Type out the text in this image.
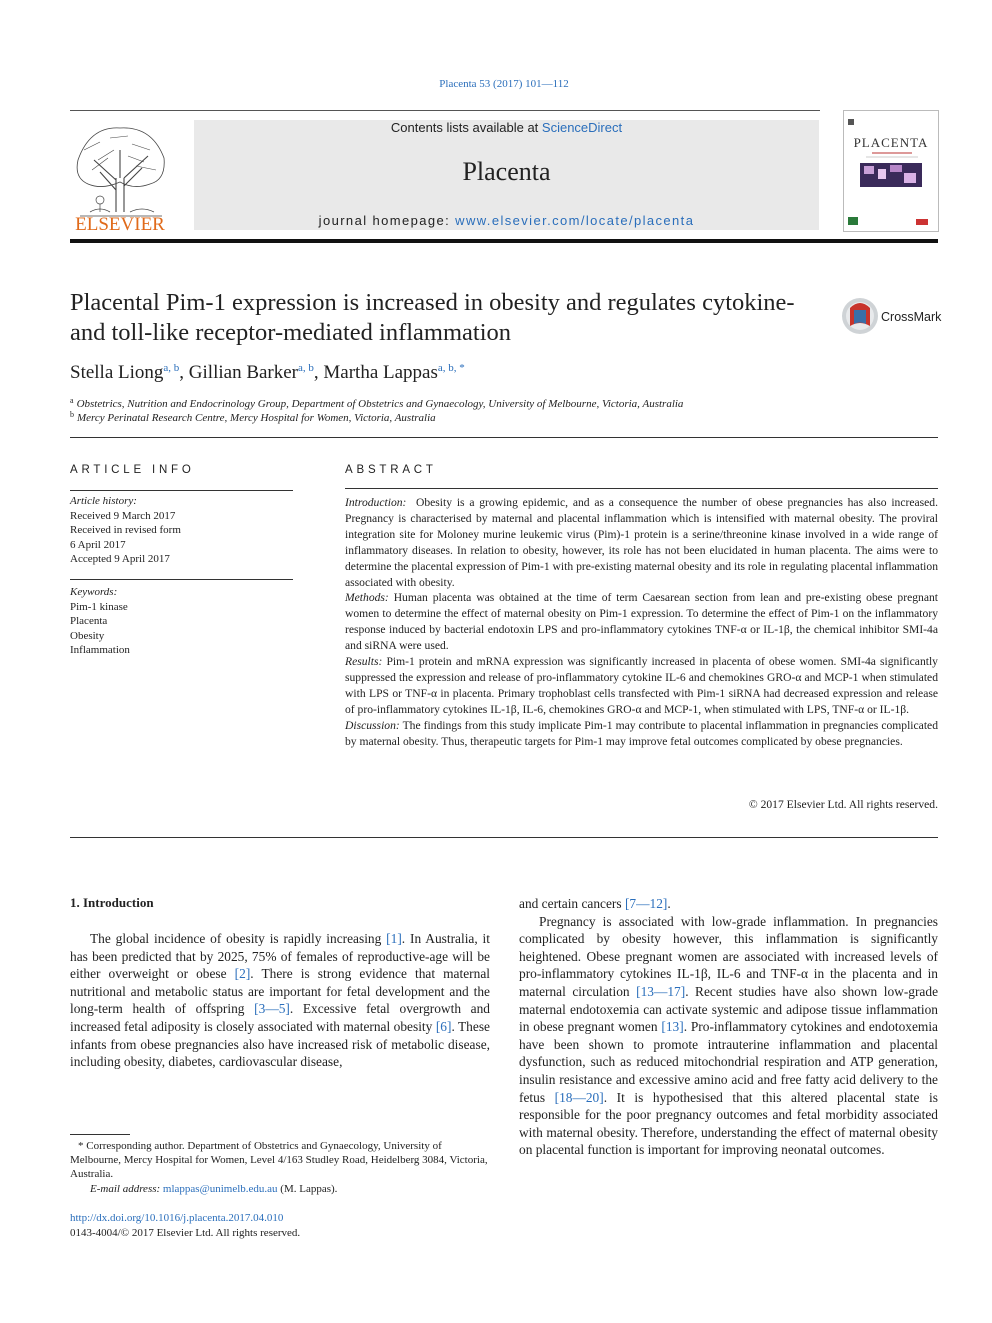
Placenta 53 (2017) 101—112
ELSEVIER
Contents lists available at ScienceDirect
Placenta
journal homepage: www.elsevier.com/locate/placenta
PLACENTA
Placental Pim-1 expression is increased in obesity and regulates cytokine- and toll-like receptor-mediated inflammation
CrossMark
Stella Liong$^{a, b}$, Gillian Barker$^{a, b}$, Martha Lappas$^{a, b, *}$
$^a$ Obstetrics, Nutrition and Endocrinology Group, Department of Obstetrics and Gynaecology, University of Melbourne, Victoria, Australia
$^b$ Mercy Perinatal Research Centre, Mercy Hospital for Women, Victoria, Australia
ARTICLE INFO
Article history:
Received 9 March 2017
Received in revised form
6 April 2017
Accepted 9 April 2017
Keywords:
Pim-1 kinase
Placenta
Obesity
Inflammation
ABSTRACT
Introduction: Obesity is a growing epidemic, and as a consequence the number of obese pregnancies has also increased. Pregnancy is characterised by maternal and placental inflammation which is intensified with maternal obesity. The proviral integration site for Moloney murine leukemic virus (Pim)-1 protein is a serine/threonine kinase involved in a wide range of inflammatory diseases. In relation to obesity, however, its role has not been elucidated in human placenta. The aims were to determine the placental expression of Pim-1 with pre-existing maternal obesity and its role in regulating placental inflammation associated with obesity.
Methods: Human placenta was obtained at the time of term Caesarean section from lean and pre-existing obese pregnant women to determine the effect of maternal obesity on Pim-1 expression. To determine the effect of Pim-1 on the inflammatory response induced by bacterial endotoxin LPS and pro-inflammatory cytokines TNF-α or IL-1β, the chemical inhibitor SMI-4a and siRNA were used.
Results: Pim-1 protein and mRNA expression was significantly increased in placenta of obese women. SMI-4a significantly suppressed the expression and release of pro-inflammatory cytokine IL-6 and chemokines GRO-α and MCP-1 when stimulated with LPS or TNF-α in placenta. Primary trophoblast cells transfected with Pim-1 siRNA had decreased expression and release of pro-inflammatory cytokines IL-1β, IL-6, chemokines GRO-α and MCP-1, when stimulated with LPS, TNF-α or IL-1β.
Discussion: The findings from this study implicate Pim-1 may contribute to placental inflammation in pregnancies complicated by maternal obesity. Thus, therapeutic targets for Pim-1 may improve fetal outcomes complicated by obese pregnancies.
© 2017 Elsevier Ltd. All rights reserved.
1. Introduction

The global incidence of obesity is rapidly increasing [1]. In Australia, it has been predicted that by 2025, 75% of females of reproductive-age will be either overweight or obese [2]. There is strong evidence that maternal nutritional and metabolic status are important for fetal development and the long-term health of offspring [3—5]. Excessive fetal overgrowth and increased fetal adiposity is closely associated with maternal obesity [6]. These infants from obese pregnancies also have increased risk of metabolic disease, including obesity, diabetes, cardiovascular disease,

and certain cancers [7—12].

Pregnancy is associated with low-grade inflammation. In pregnancies complicated by obesity however, this inflammation is significantly heightened. Obese pregnant women are associated with increased levels of pro-inflammatory cytokines IL-1β, IL-6 and TNF-α in the placenta and in maternal circulation [13—17]. Recent studies have also shown low-grade maternal endotoxemia can activate systemic and adipose tissue inflammation in obese pregnant women [13]. Pro-inflammatory cytokines and endotoxemia have been shown to promote intrauterine inflammation and placental dysfunction, such as reduced mitochondrial respiration and ATP generation, insulin resistance and excessive amino acid and free fatty acid delivery to the fetus [18—20]. It is hypothesised that this altered placental state is responsible for the poor pregnancy outcomes and fetal morbidity associated with maternal obesity. Therefore, understanding the effect of maternal obesity on placental function is important for improving neonatal outcomes.

* Corresponding author. Department of Obstetrics and Gynaecology, University of Melbourne, Mercy Hospital for Women, Level 4/163 Studley Road, Heidelberg 3084, Victoria, Australia.
E-mail address: mlappas@unimelb.edu.au (M. Lappas).
http://dx.doi.org/10.1016/j.placenta.2017.04.010
0143-4004/© 2017 Elsevier Ltd. All rights reserved.
